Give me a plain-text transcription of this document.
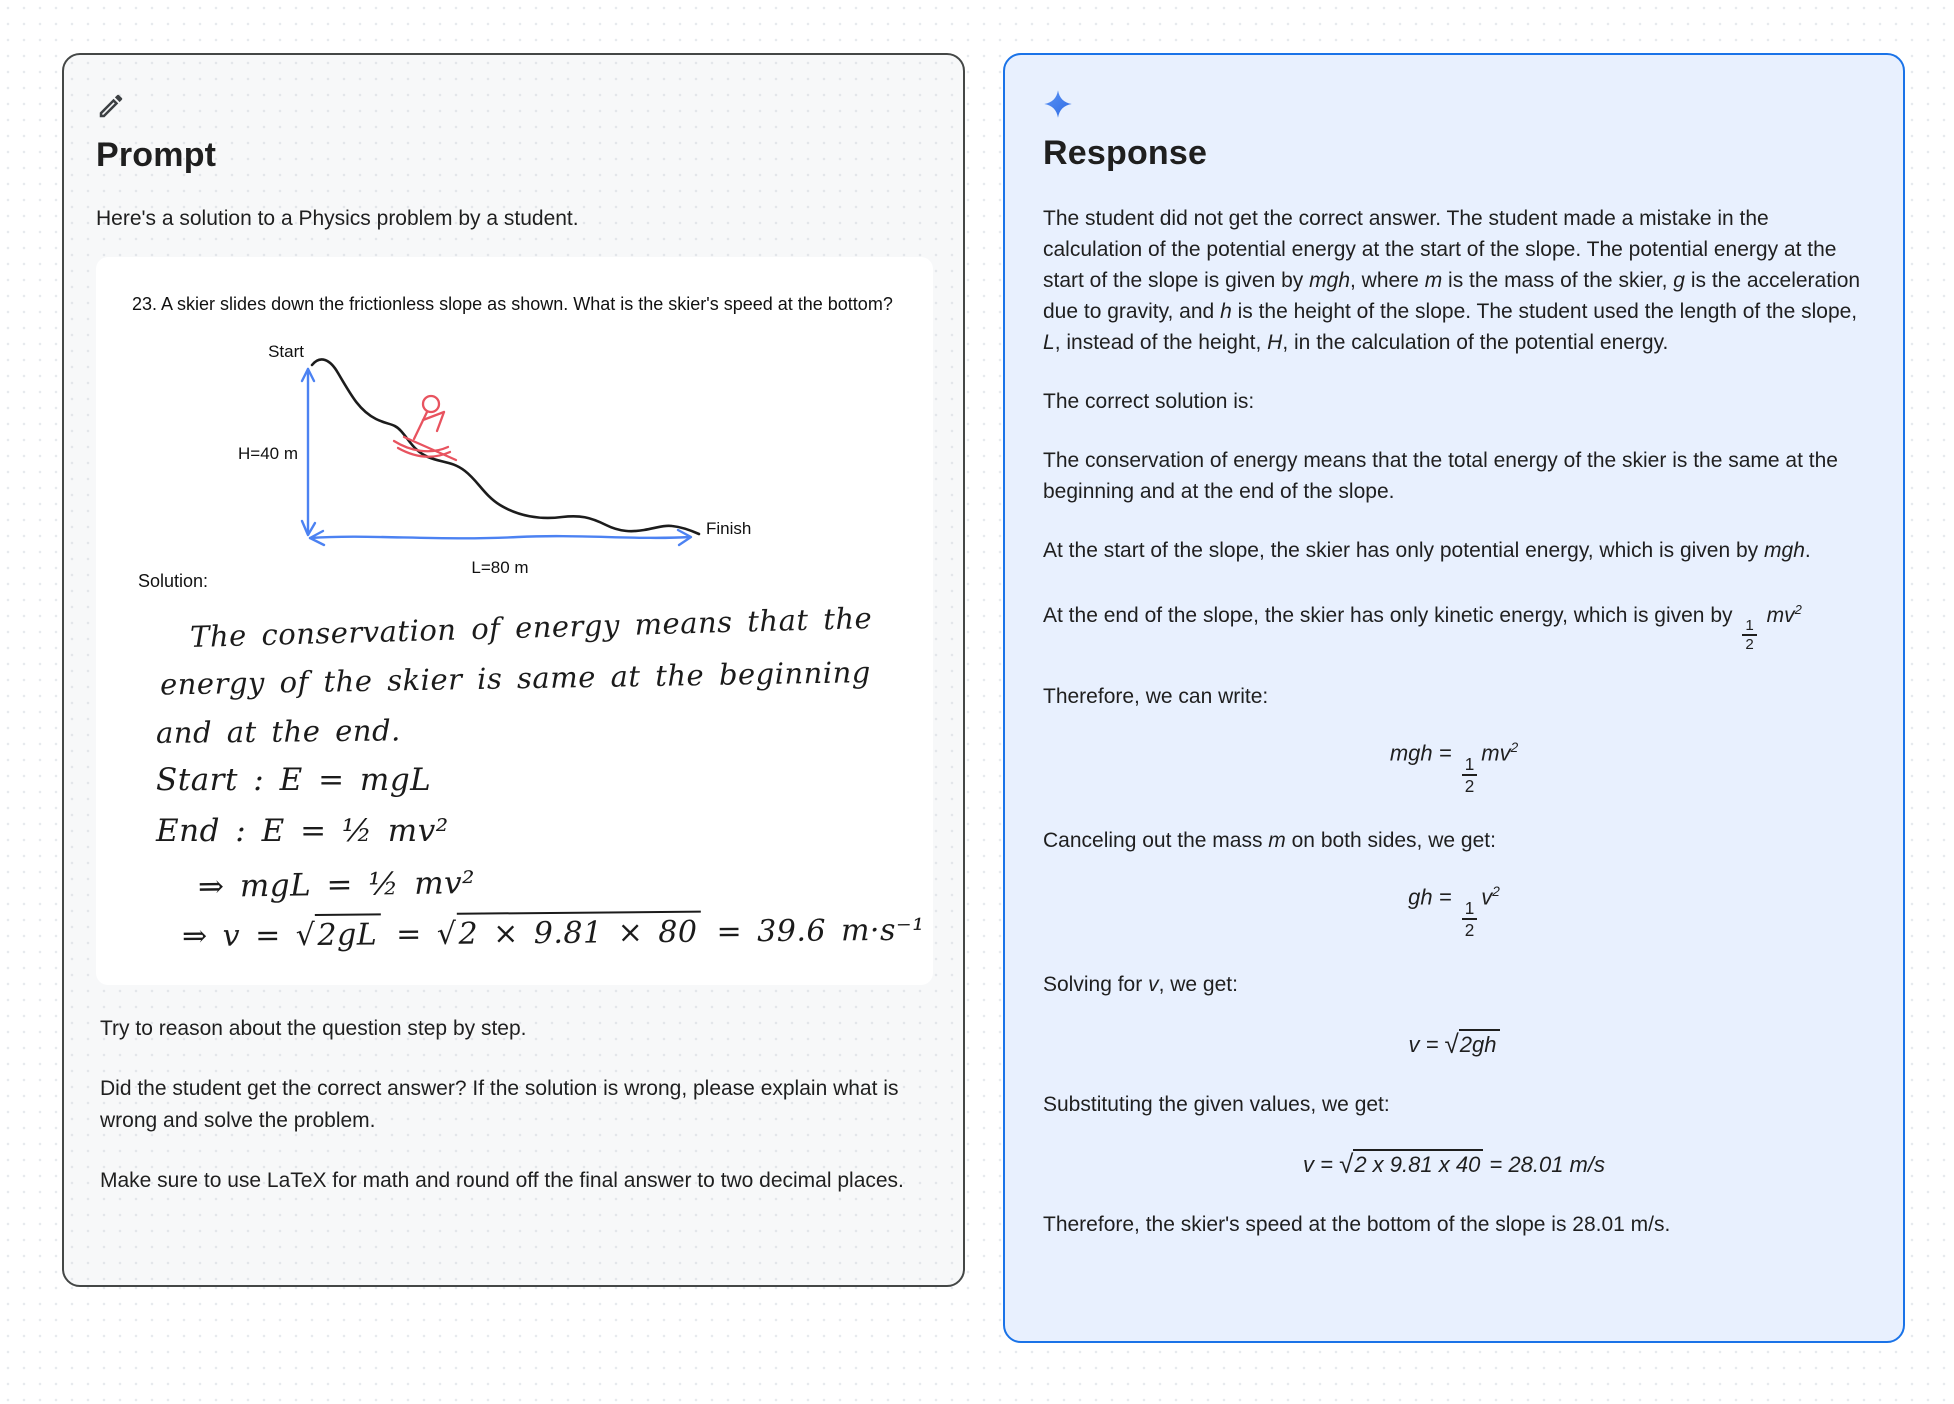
Prompt

Here's a solution to a Physics problem by a student.

23. A skier slides down the frictionless slope as shown. What is the skier's speed at the bottom?

Start
H=40 m
L=80 m
Finish

Solution:

The conservation of energy means that the
energy of the skier is same at the beginning
and at the end.
Start : E = mgL
End : E = ½ mv²
⇒ mgL = ½ mv²
⇒ v = √2gL = √2 × 9.81 × 80 = 39.6 m·s⁻¹

Try to reason about the question step by step.

Did the student get the correct answer? If the solution is wrong, please explain what is wrong and solve the problem.

Make sure to use LaTeX for math and round off the final answer to two decimal places.

Response

The student did not get the correct answer. The student made a mistake in the calculation of the potential energy at the start of the slope. The potential energy at the start of the slope is given by mgh, where m is the mass of the skier, g is the acceleration due to gravity, and h is the height of the slope. The student used the length of the slope, L, instead of the height, H, in the calculation of the potential energy.

The correct solution is:

The conservation of energy means that the total energy of the skier is the same at the beginning and at the end of the slope.

At the start of the slope, the skier has only potential energy, which is given by mgh.

At the end of the slope, the skier has only kinetic energy, which is given by
$\frac{1}{2}$
$mv^2$

Therefore, we can write:

mgh =
$\frac{1}{2}$
$mv^2$

Canceling out the mass m on both sides, we get:

gh =
$\frac{1}{2}$
$v^2$

Solving for v, we get:

v = √2gh

Substituting the given values, we get:

v = √2 x 9.81 x 40 = 28.01 m/s

Therefore, the skier's speed at the bottom of the slope is 28.01 m/s.
